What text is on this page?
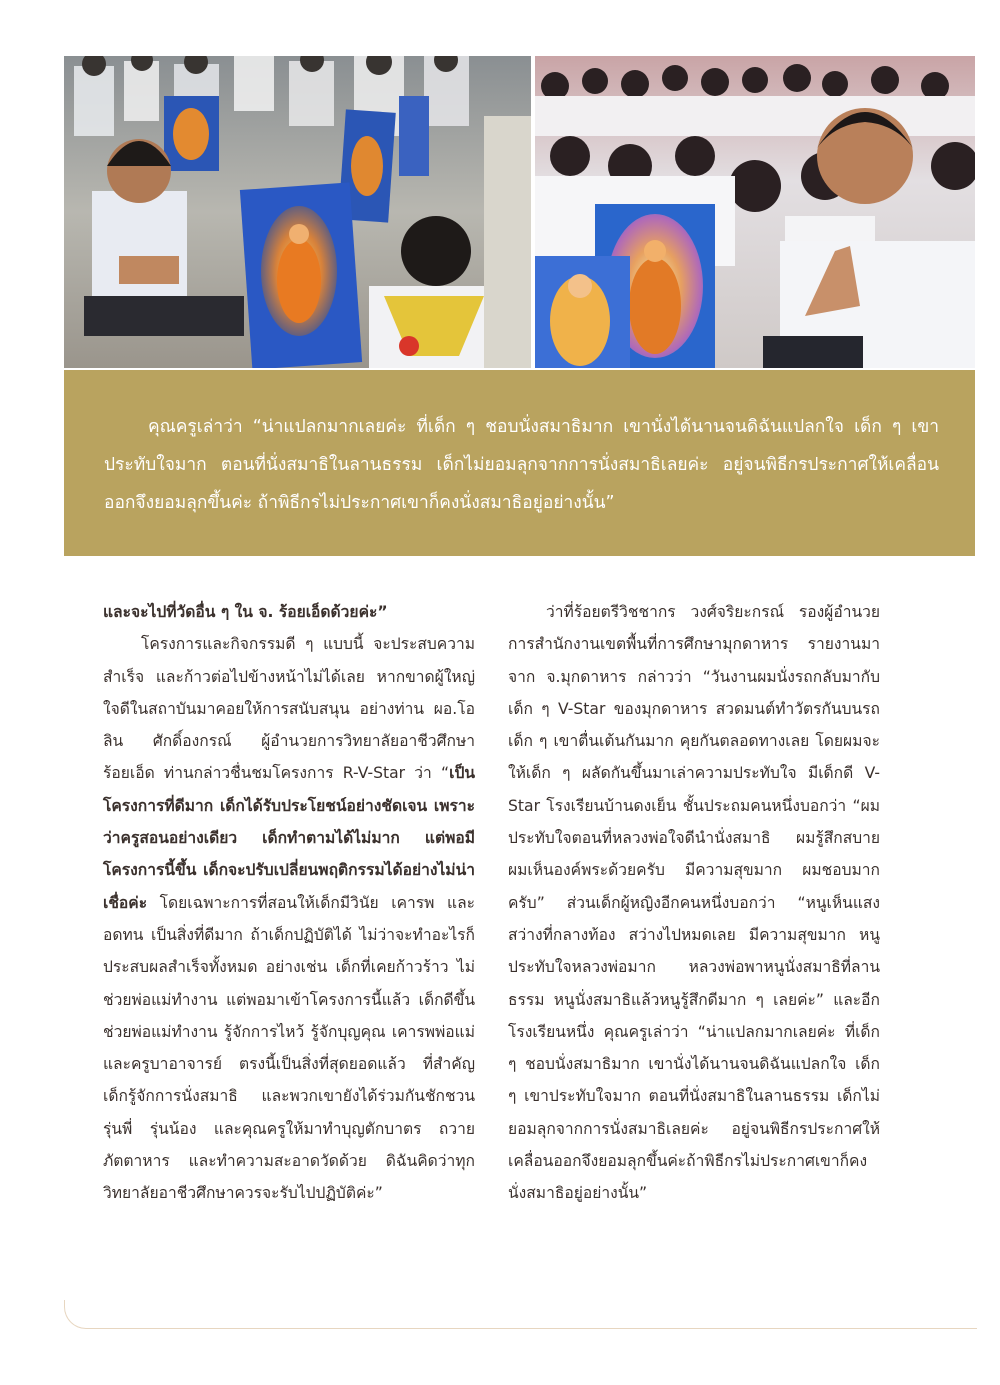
คุณครูเล่าว่า “น่าแปลกมากเลยค่ะ ที่เด็ก ๆ ชอบนั่งสมาธิมาก เขานั่งได้นานจนดิฉันแปลกใจ เด็ก ๆ เขาประทับใจมาก ตอนที่นั่งสมาธิในลานธรรม เด็กไม่ยอมลุกจากการนั่งสมาธิเลยค่ะ อยู่จนพิธีกรประกาศให้เคลื่อนออกจึงยอมลุกขึ้นค่ะ ถ้าพิธีกรไม่ประกาศเขาก็คงนั่งสมาธิอยู่อย่างนั้น”

และจะไปที่วัดอื่น ๆ ใน จ. ร้อยเอ็ดด้วยค่ะ”

โครงการและกิจกรรมดี ๆ แบบนี้ จะประสบความสำเร็จ และก้าวต่อไปข้างหน้าไม่ได้เลย หากขาดผู้ใหญ่ใจดีในสถาบันมาคอยให้การสนับสนุน อย่างท่าน ผอ.โอลิน ศักดิ์องกรณ์ ผู้อำนวยการวิทยาลัยอาชีวศึกษาร้อยเอ็ด ท่านกล่าวชื่นชมโครงการ R-V-Star ว่า “เป็นโครงการที่ดีมาก เด็กได้รับประโยชน์อย่างชัดเจน เพราะว่าครูสอนอย่างเดียว เด็กทำตามได้ไม่มาก แต่พอมีโครงการนี้ขึ้น เด็กจะปรับเปลี่ยนพฤติกรรมได้อย่างไม่น่าเชื่อค่ะ โดยเฉพาะการที่สอนให้เด็กมีวินัย เคารพ และอดทน เป็นสิ่งที่ดีมาก ถ้าเด็กปฏิบัติได้ ไม่ว่าจะทำอะไรก็ประสบผลสำเร็จทั้งหมด อย่างเช่น เด็กที่เคยก้าวร้าว ไม่ช่วยพ่อแม่ทำงาน แต่พอมาเข้าโครงการนี้แล้ว เด็กดีขึ้น ช่วยพ่อแม่ทำงาน รู้จักการไหว้ รู้จักบุญคุณ เคารพพ่อแม่ และครูบาอาจารย์ ตรงนี้เป็นสิ่งที่สุดยอดแล้ว ที่สำคัญเด็กรู้จักการนั่งสมาธิ และพวกเขายังได้ร่วมกันชักชวนรุ่นพี่ รุ่นน้อง และคุณครูให้มาทำบุญตักบาตร ถวายภัตตาหาร และทำความสะอาดวัดด้วย ดิฉันคิดว่าทุกวิทยาลัยอาชีวศึกษาควรจะรับไปปฏิบัติค่ะ”

ว่าที่ร้อยตรีวิชชากร วงศ์จริยะกรณ์ รองผู้อำนวยการสำนักงานเขตพื้นที่การศึกษามุกดาหาร รายงานมาจาก จ.มุกดาหาร กล่าวว่า “วันงานผมนั่งรถกลับมากับเด็ก ๆ V-Star ของมุกดาหาร สวดมนต์ทำวัตรกันบนรถ เด็ก ๆ เขาตื่นเต้นกันมาก คุยกันตลอดทางเลย โดยผมจะให้เด็ก ๆ ผลัดกันขึ้นมาเล่าความประทับใจ มีเด็กดี V-Star โรงเรียนบ้านดงเย็น ชั้นประถมคนหนึ่งบอกว่า “ผมประทับใจตอนที่หลวงพ่อใจดีนำนั่งสมาธิ ผมรู้สึกสบาย ผมเห็นองค์พระด้วยครับ มีความสุขมาก ผมชอบมากครับ” ส่วนเด็กผู้หญิงอีกคนหนึ่งบอกว่า “หนูเห็นแสงสว่างที่กลางท้อง สว่างไปหมดเลย มีความสุขมาก หนูประทับใจหลวงพ่อมาก หลวงพ่อพาหนูนั่งสมาธิที่ลานธรรม หนูนั่งสมาธิแล้วหนูรู้สึกดีมาก ๆ เลยค่ะ” และอีกโรงเรียนหนึ่ง คุณครูเล่าว่า “น่าแปลกมากเลยค่ะ ที่เด็ก ๆ ชอบนั่งสมาธิมาก เขานั่งได้นานจนดิฉันแปลกใจ เด็ก ๆ เขาประทับใจมาก ตอนที่นั่งสมาธิในลานธรรม เด็กไม่ยอมลุกจากการนั่งสมาธิเลยค่ะ อยู่จนพิธีกรประกาศให้เคลื่อนออกจึงยอมลุกขึ้นค่ะถ้าพิธีกรไม่ประกาศเขาก็คงนั่งสมาธิอยู่อย่างนั้น”
